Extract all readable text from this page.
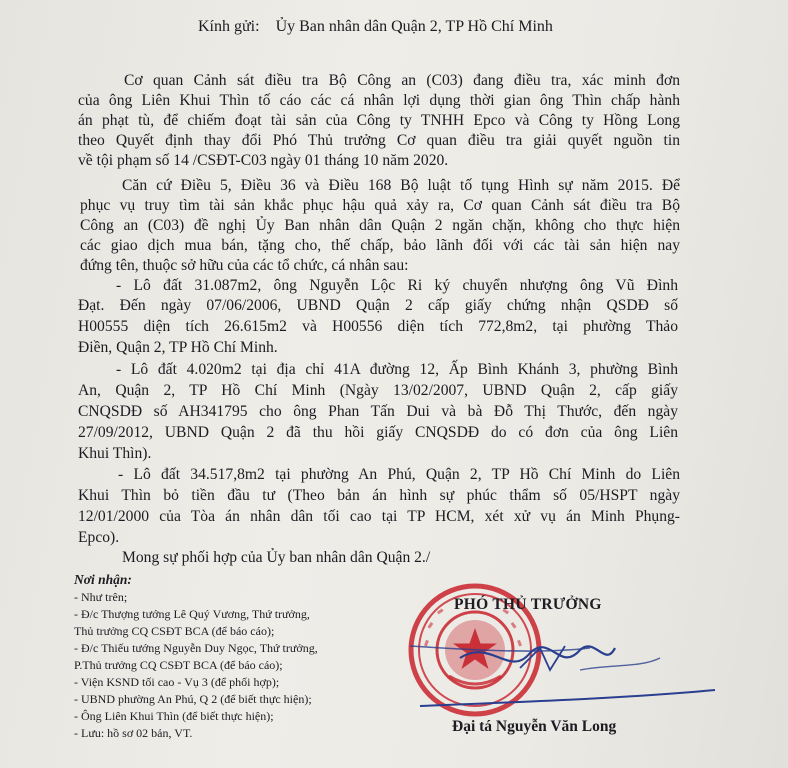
Kính gửi: Ủy Ban nhân dân Quận 2, TP Hồ Chí Minh
Cơ quan Cảnh sát điều tra Bộ Công an (C03) đang điều tra, xác minh đơn
của ông Liên Khui Thìn tố cáo các cá nhân lợi dụng thời gian ông Thìn chấp hành
án phạt tù, để chiếm đoạt tài sản của Công ty TNHH Epco và Công ty Hồng Long
theo Quyết định thay đổi Phó Thủ trưởng Cơ quan điều tra giải quyết nguồn tin
về tội phạm số 14 /CSĐT-C03 ngày 01 tháng 10 năm 2020.
Căn cứ Điều 5, Điều 36 và Điều 168 Bộ luật tố tụng Hình sự năm 2015. Để
phục vụ truy tìm tài sản khắc phục hậu quả xảy ra, Cơ quan Cảnh sát điều tra Bộ
Công an (C03) đề nghị Ủy Ban nhân dân Quận 2 ngăn chặn, không cho thực hiện
các giao dịch mua bán, tặng cho, thế chấp, bảo lãnh đối với các tài sản hiện nay
đứng tên, thuộc sở hữu của các tổ chức, cá nhân sau:
- Lô đất 31.087m2, ông Nguyễn Lộc Ri ký chuyển nhượng ông Vũ Đình
Đạt. Đến ngày 07/06/2006, UBND Quận 2 cấp giấy chứng nhận QSDĐ số
H00555 diện tích 26.615m2 và H00556 diện tích 772,8m2, tại phường Thảo
Điền, Quận 2, TP Hồ Chí Minh.
- Lô đất 4.020m2 tại địa chỉ 41A đường 12, Ấp Bình Khánh 3, phường Bình
An, Quận 2, TP Hồ Chí Minh (Ngày 13/02/2007, UBND Quận 2, cấp giấy
CNQSDĐ số AH341795 cho ông Phan Tấn Dui và bà Đỗ Thị Thước, đến ngày
27/09/2012, UBND Quận 2 đã thu hồi giấy CNQSDĐ do có đơn của ông Liên
Khui Thìn).
- Lô đất 34.517,8m2 tại phường An Phú, Quận 2, TP Hồ Chí Minh do Liên
Khui Thìn bỏ tiền đầu tư (Theo bản án hình sự phúc thẩm số 05/HSPT ngày
12/01/2000 của Tòa án nhân dân tối cao tại TP HCM, xét xử vụ án Minh Phụng-
Epco).
Mong sự phối hợp của Ủy ban nhân dân Quận 2./
Nơi nhận:
- Như trên;
- Đ/c Thượng tướng Lê Quý Vương, Thứ trưởng,
Thủ trưởng CQ CSĐT BCA (để báo cáo);
- Đ/c Thiếu tướng Nguyễn Duy Ngọc, Thứ trưởng,
P.Thủ trưởng CQ CSĐT BCA (để báo cáo);
- Viện KSND tối cao - Vụ 3 (để phối hợp);
- UBND phường An Phú, Q 2 (để biết thực hiện);
- Ông Liên Khui Thìn (để biết thực hiện);
- Lưu: hồ sơ 02 bản, VT.
PHÓ THỦ TRƯỞNG
Đại tá Nguyễn Văn Long
